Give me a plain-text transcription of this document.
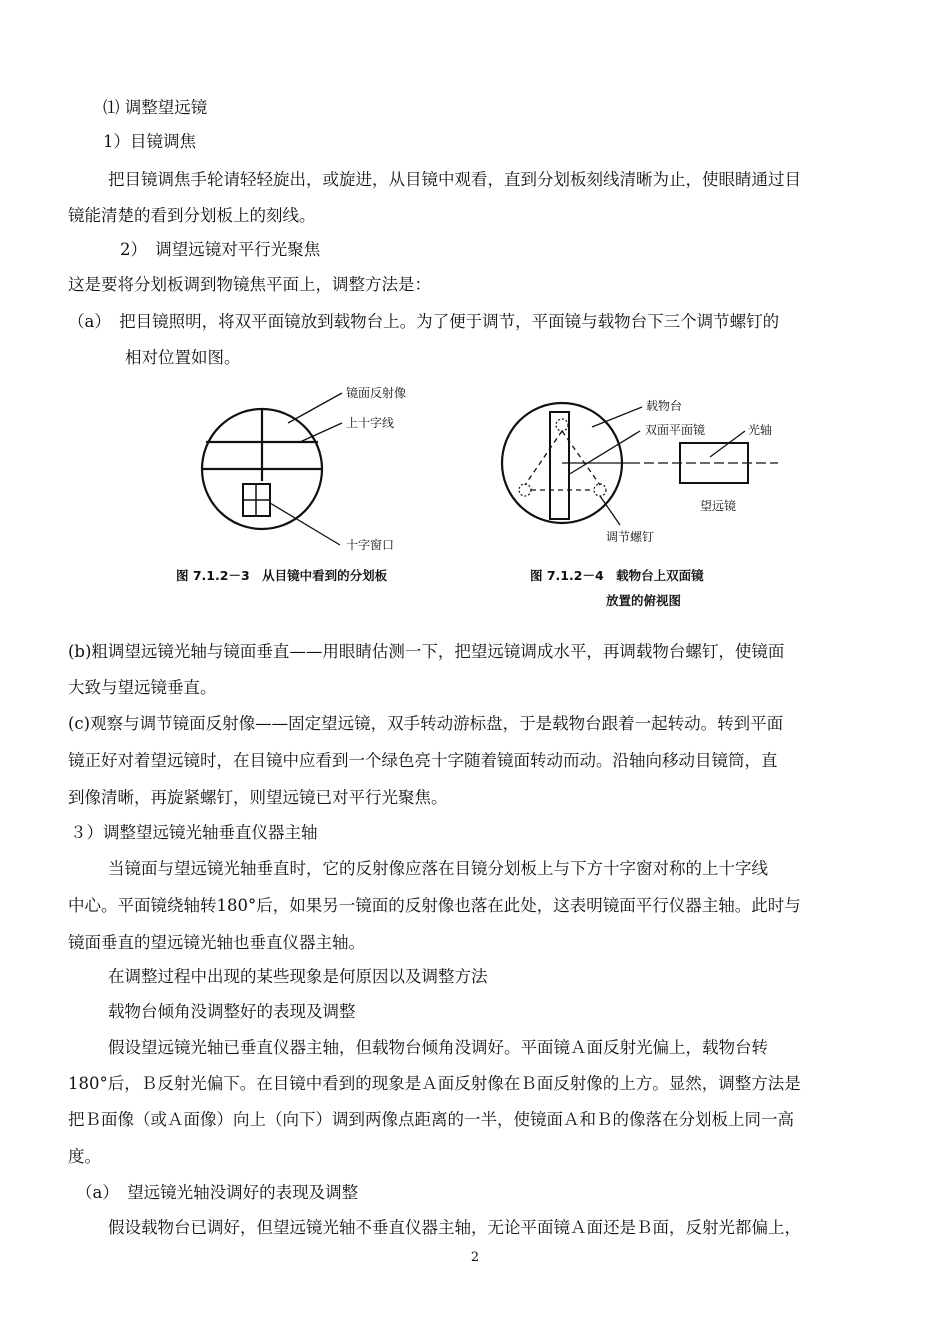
⑴ 调整望远镜
1）目镜调焦
把目镜调焦手轮请轻轻旋出，或旋进，从目镜中观看，直到分划板刻线清晰为止，使眼睛通过目
镜能清楚的看到分划板上的刻线。
2）　调望远镜对平行光聚焦
这是要将分划板调到物镜焦平面上，调整方法是：
（a）　把目镜照明，将双平面镜放到载物台上。为了便于调节，平面镜与载物台下三个调节螺钉的
相对位置如图。
(b)粗调望远镜光轴与镜面垂直——用眼睛估测一下，把望远镜调成水平，再调载物台螺钉，使镜面
大致与望远镜垂直。
(c)观察与调节镜面反射像——固定望远镜，双手转动游标盘，于是载物台跟着一起转动。转到平面
镜正好对着望远镜时，在目镜中应看到一个绿色亮十字随着镜面转动而动。沿轴向移动目镜筒，直
到像清晰，再旋紧螺钉，则望远镜已对平行光聚焦。
３）调整望远镜光轴垂直仪器主轴
当镜面与望远镜光轴垂直时，它的反射像应落在目镜分划板上与下方十字窗对称的上十字线
中心。平面镜绕轴转180°后，如果另一镜面的反射像也落在此处，这表明镜面平行仪器主轴。此时与
镜面垂直的望远镜光轴也垂直仪器主轴。
在调整过程中出现的某些现象是何原因以及调整方法
载物台倾角没调整好的表现及调整
假设望远镜光轴已垂直仪器主轴，但载物台倾角没调好。平面镜Ａ面反射光偏上，载物台转
180°后，Ｂ反射光偏下。在目镜中看到的现象是Ａ面反射像在Ｂ面反射像的上方。显然，调整方法是
把Ｂ面像（或Ａ面像）向上（向下）调到两像点距离的一半，使镜面Ａ和Ｂ的像落在分划板上同一高
度。
（a）　望远镜光轴没调好的表现及调整
假设载物台已调好，但望远镜光轴不垂直仪器主轴，无论平面镜Ａ面还是Ｂ面，反射光都偏上，
镜面反射像
上十字线
十字窗口
图 7.1.2－3　从目镜中看到的分划板
载物台
双面平面镜	光轴
望远镜
调节螺钉
图 7.1.2－4　载物台上双面镜
放置的俯视图
2
